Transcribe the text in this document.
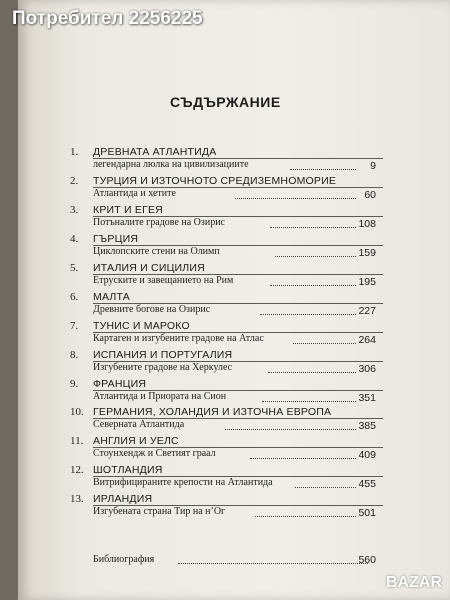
Потребител 2256225
СЪДЪРЖАНИЕ
1.	ДРЕВНАТА АТЛАНТИДА
легендарна люлка на цивилизациите	9
2.	ТУРЦИЯ И ИЗТОЧНОТО СРЕДИЗЕМНОМОРИЕ
Атлантида и хетите	60
3.	КРИТ И ЕГЕЯ
Потъналите градове на Озирис	108
4.	ГЪРЦИЯ
Циклопските стени на Олимп	159
5.	ИТАЛИЯ И СИЦИЛИЯ
Етруските и завещанието на Рим	195
6.	МАЛТА
Древните богове на Озирис	227
7.	ТУНИС И МАРОКО
Картаген и изгубените градове на Атлас	264
8.	ИСПАНИЯ И ПОРТУГАЛИЯ
Изгубените градове на Херкулес	306
9.	ФРАНЦИЯ
Атлантида и Приората на Сион	351
10. ГЕРМАНИЯ, ХОЛАНДИЯ И ИЗТОЧНА ЕВРОПА
Северната Атлантида	385
11. АНГЛИЯ И УЕЛС
Стоунхендж и Светият граал	409
12. ШОТЛАНДИЯ
Витрифицираните крепости на Атлантида	455
13. ИРЛАНДИЯ
Изгубената страна Тир на н’Ог	501
Библиография	560
BAZAR
